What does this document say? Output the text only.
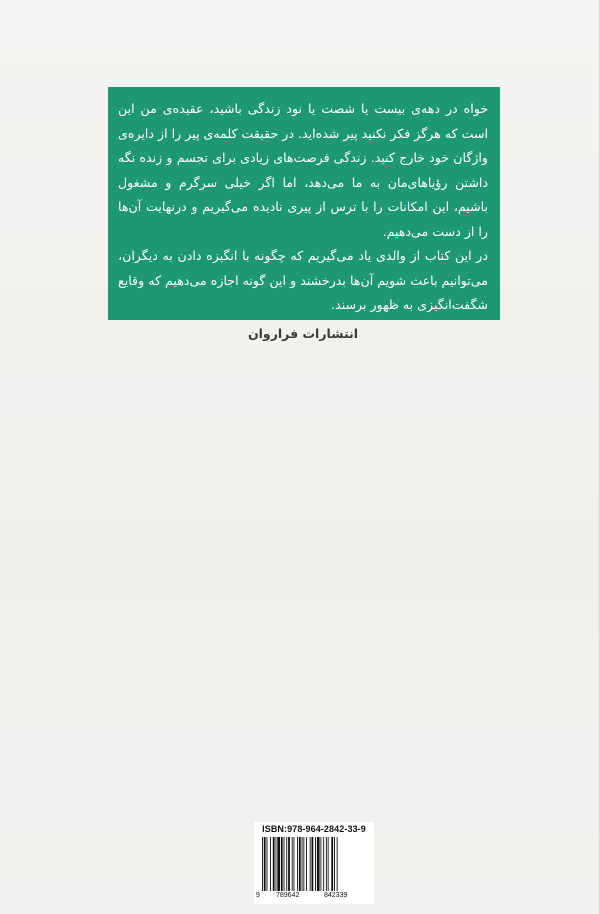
خواه در دهه‌ی بیست یا شصت یا نود زندگی باشید، عقیده‌ی من این است که هرگز فکر نکنید پیر شده‌اید. در حقیقت کلمه‌ی پیر را از دایره‌ی واژگان خود خارج کنید. زندگی فرصت‌های زیادی برای تجسم و زنده نگه داشتن رؤیاهای‌مان به ما می‌دهد، اما اگر خیلی سرگرم و مشغول باشیم، این امکانات را با ترس از پیری نادیده می‌گیریم و درنهایت آن‌ها را از دست می‌دهیم.

در این کتاب از والدی یاد می‌گیریم که چگونه با انگیزه دادن به دیگران، می‌توانیم باعث شویم آن‌ها بدرخشند و این گونه اجازه می‌دهیم که وقایع شگفت‌انگیزی به ظهور برسند.

انتشارات فراروان
ISBN:978-964-2842-33-9
9 789642	842339
